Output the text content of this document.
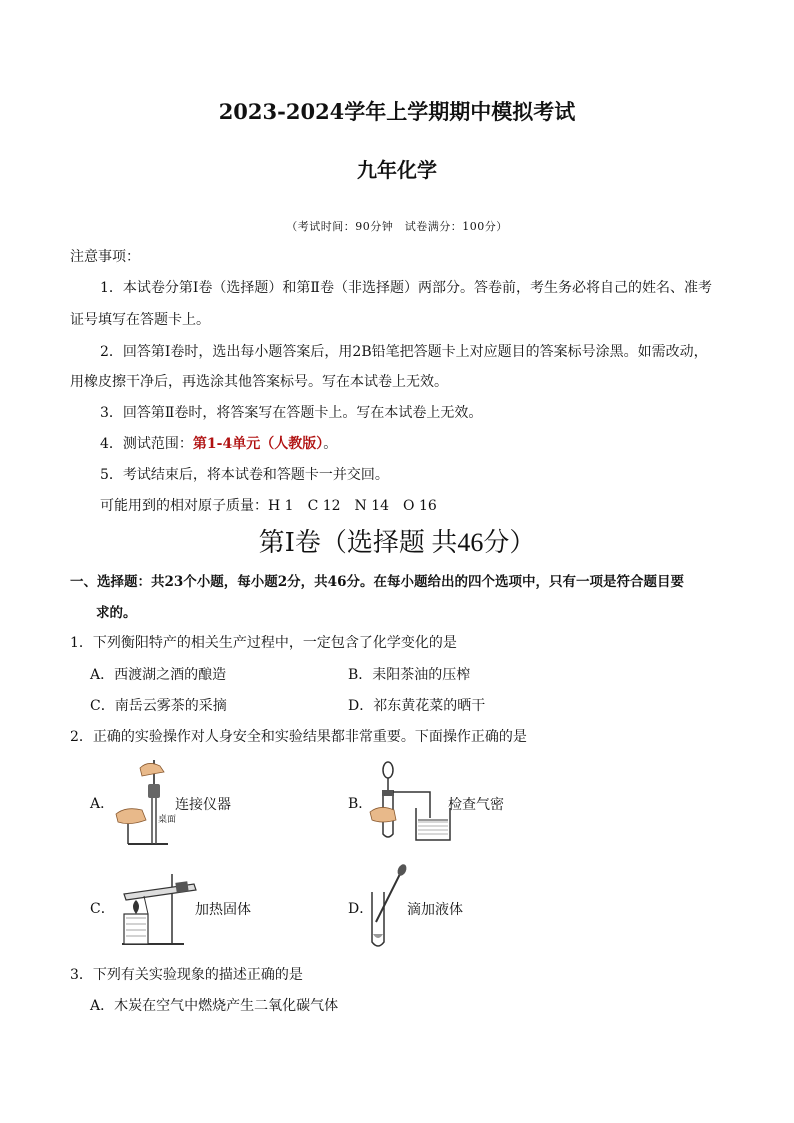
2023-2024学年上学期期中模拟考试
九年化学
（考试时间：90分钟　试卷满分：100分）
注意事项：
1．本试卷分第Ⅰ卷（选择题）和第Ⅱ卷（非选择题）两部分。答卷前，考生务必将自己的姓名、准考
证号填写在答题卡上。
2．回答第Ⅰ卷时，选出每小题答案后，用2B铅笔把答题卡上对应题目的答案标号涂黑。如需改动，
用橡皮擦干净后，再选涂其他答案标号。写在本试卷上无效。
3．回答第Ⅱ卷时，将答案写在答题卡上。写在本试卷上无效。
4．测试范围：第1-4单元（人教版）。
5．考试结束后，将本试卷和答题卡一并交回。
可能用到的相对原子质量：H 1　C 12　N 14　O 16
第Ⅰ卷（选择题 共46分）
一、选择题：共23个小题，每小题2分，共46分。在每小题给出的四个选项中，只有一项是符合题目要
求的。
1．下列衡阳特产的相关生产过程中，一定包含了化学变化的是
A．西渡湖之酒的酿造	B．耒阳茶油的压榨
C．南岳云雾茶的采摘	D．祁东黄花菜的晒干
2．正确的实验操作对人身安全和实验结果都非常重要。下面操作正确的是
A．
桌面
连接仪器	B．	检查气密
C．	加热固体	D． 滴加液体
3．下列有关实验现象的描述正确的是
A．木炭在空气中燃烧产生二氧化碳气体
